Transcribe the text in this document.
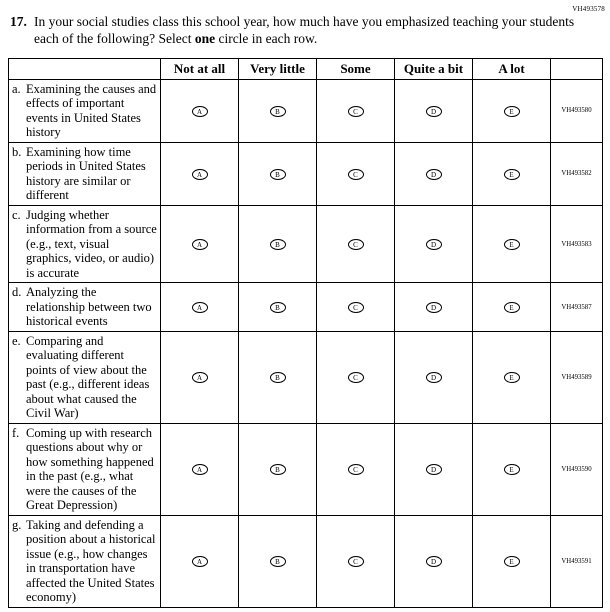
VH493578
17. In your social studies class this school year, how much have you emphasized teaching your students each of the following? Select one circle in each row.
	Not at all	Very little	Some	Quite a bit	A lot	

a. Examining the causes and effects of important events in United States history	A	B	C	D	E	VH493580

b. Examining how time periods in United States history are similar or different	A	B	C	D	E	VH493582

c. Judging whether information from a source (e.g., text, visual graphics, video, or audio) is accurate	A	B	C	D	E	VH493583

d. Analyzing the relationship between two historical events	A	B	C	D	E	VH493587

e. Comparing and evaluating different points of view about the past (e.g., different ideas about what caused the Civil War)	A	B	C	D	E	VH493589

f. Coming up with research questions about why or how something happened in the past (e.g., what were the causes of the Great Depression)	A	B	C	D	E	VH493590

g. Taking and defending a position about a historical issue (e.g., how changes in transportation have affected the United States economy)	A	B	C	D	E	VH493591
